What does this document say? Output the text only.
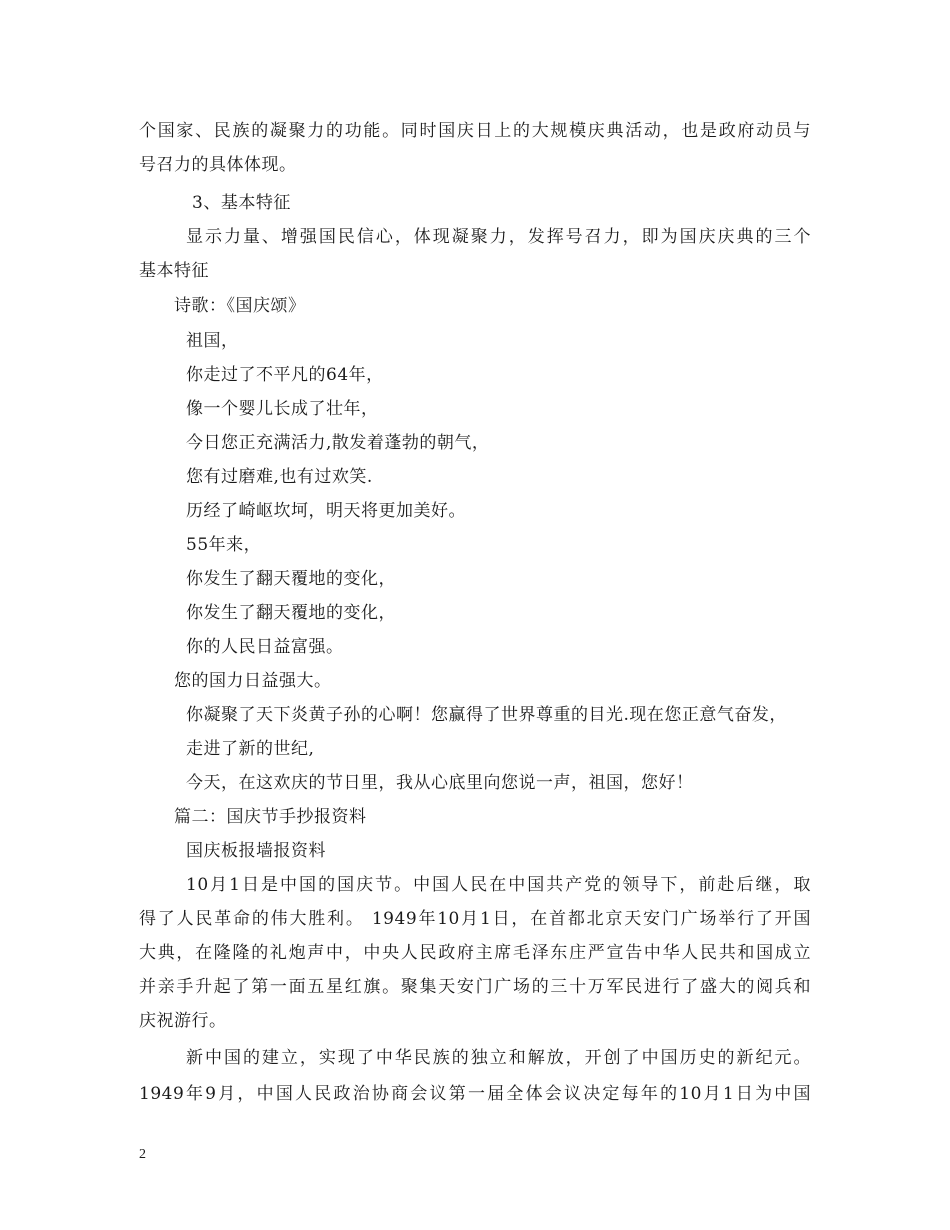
个国家、民族的凝聚力的功能。同时国庆日上的大规模庆典活动，也是政府动员与
号召力的具体体现。
3、基本特征
显示力量、增强国民信心，体现凝聚力，发挥号召力，即为国庆庆典的三个
基本特征
诗歌：《国庆颂》
祖国，
你走过了不平凡的64年，
像一个婴儿长成了壮年，
今日您正充满活力,散发着蓬勃的朝气，
您有过磨难,也有过欢笑.
历经了崎岖坎坷，明天将更加美好。
55年来，
你发生了翻天覆地的变化，
你发生了翻天覆地的变化，
你的人民日益富强。
您的国力日益强大。
你凝聚了天下炎黄子孙的心啊！您赢得了世界尊重的目光.现在您正意气奋发，
走进了新的世纪,
今天，在这欢庆的节日里，我从心底里向您说一声，祖国，您好！
篇二：国庆节手抄报资料
国庆板报墙报资料
10月1日是中国的国庆节。中国人民在中国共产党的领导下，前赴后继，取
得了人民革命的伟大胜利。 1949年10月1日，在首都北京天安门广场举行了开国
大典，在隆隆的礼炮声中，中央人民政府主席毛泽东庄严宣告中华人民共和国成立
并亲手升起了第一面五星红旗。聚集天安门广场的三十万军民进行了盛大的阅兵和
庆祝游行。
新中国的建立，实现了中华民族的独立和解放，开创了中国历史的新纪元。
1949年9月，中国人民政治协商会议第一届全体会议决定每年的10月1日为中国
2
